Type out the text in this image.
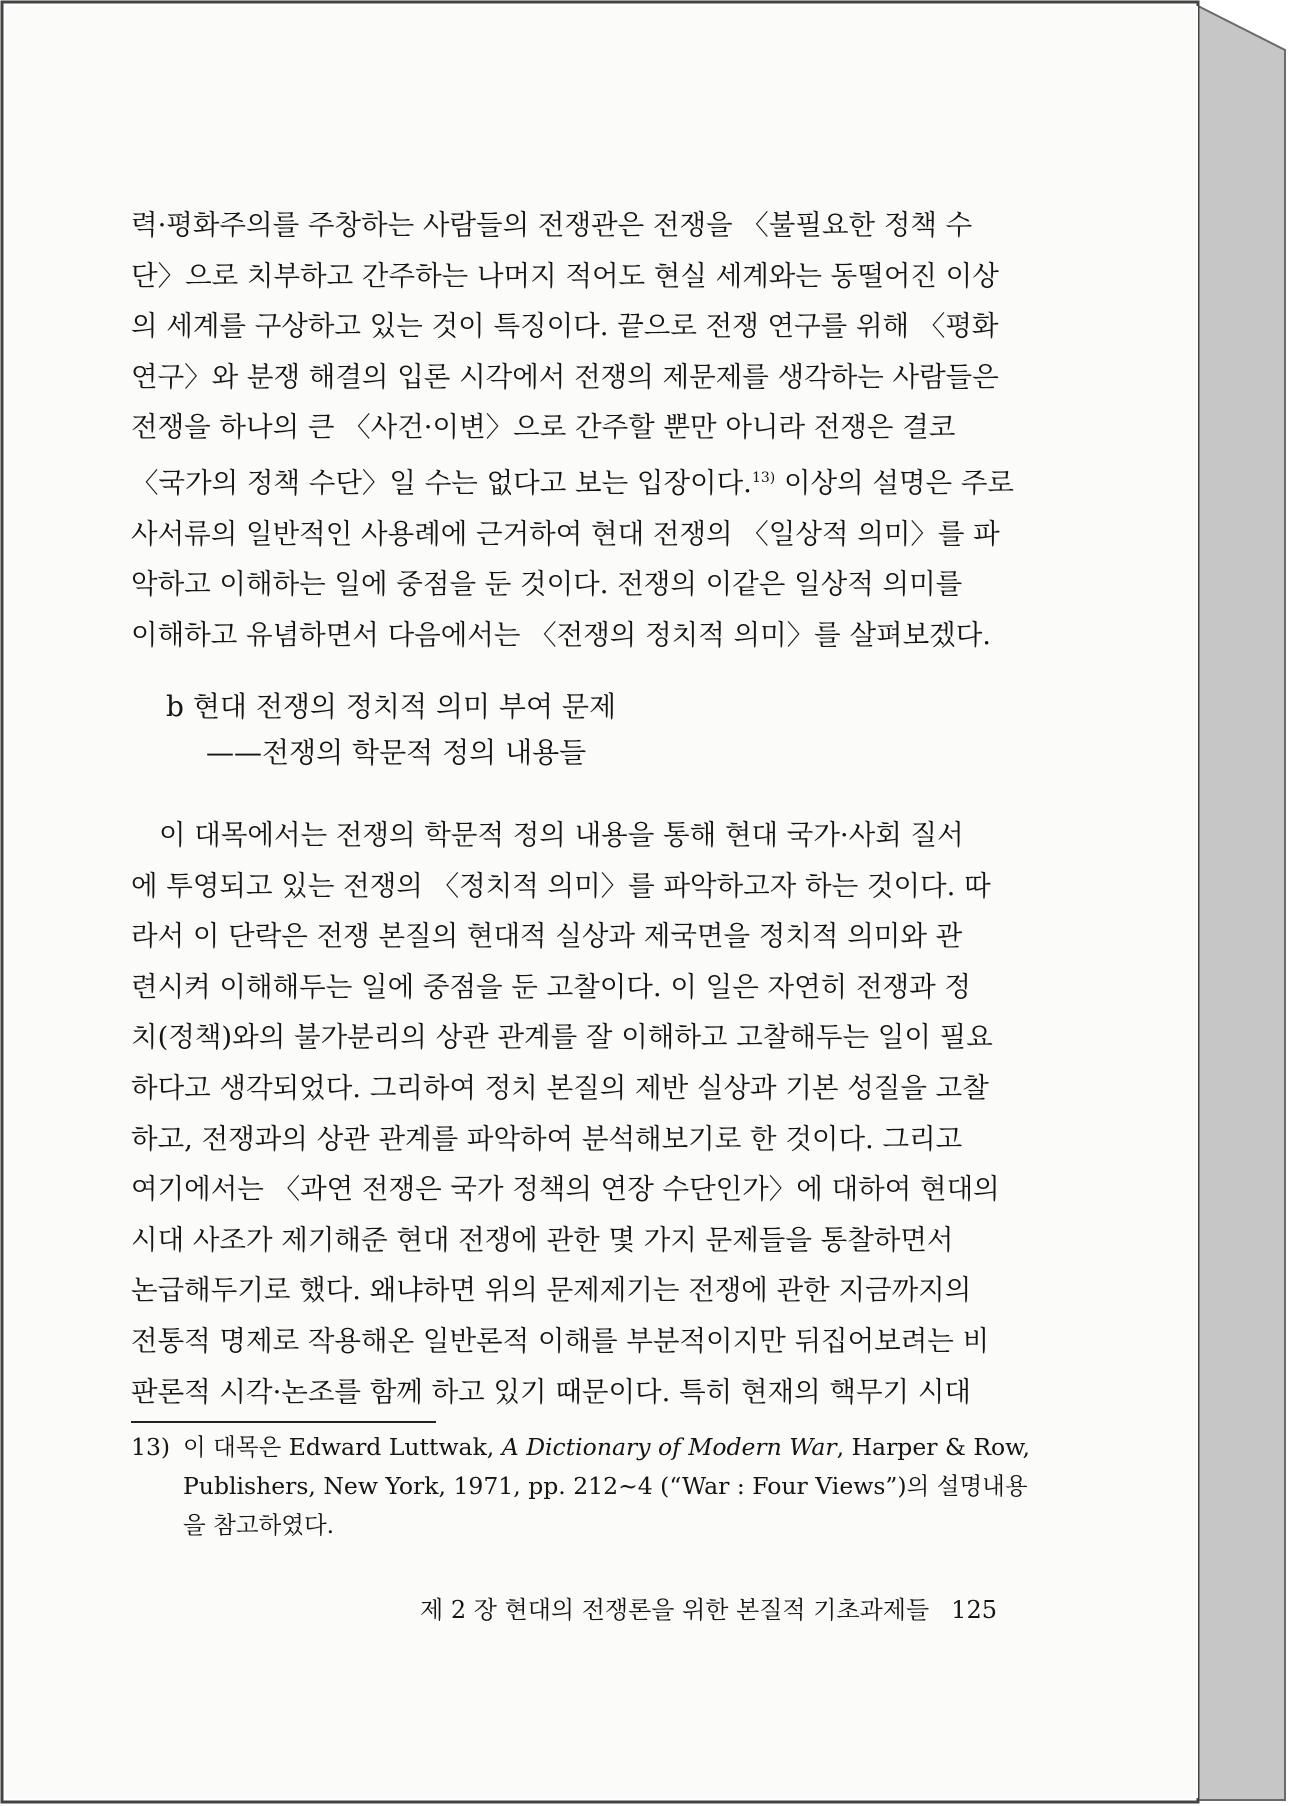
력·평화주의를 주창하는 사람들의 전쟁관은 전쟁을 〈불필요한 정책 수

단〉으로 치부하고 간주하는 나머지 적어도 현실 세계와는 동떨어진 이상

의 세계를 구상하고 있는 것이 특징이다. 끝으로 전쟁 연구를 위해 〈평화

연구〉와 분쟁 해결의 입론 시각에서 전쟁의 제문제를 생각하는 사람들은

전쟁을 하나의 큰 〈사건·이변〉으로 간주할 뿐만 아니라 전쟁은 결코

〈국가의 정책 수단〉일 수는 없다고 보는 입장이다.$^{13)}$ 이상의 설명은 주로

사서류의 일반적인 사용례에 근거하여 현대 전쟁의 〈일상적 의미〉를 파

악하고 이해하는 일에 중점을 둔 것이다. 전쟁의 이같은 일상적 의미를

이해하고 유념하면서 다음에서는 〈전쟁의 정치적 의미〉를 살펴보겠다.

b 현대 전쟁의 정치적 의미 부여 문제
——전쟁의 학문적 정의 내용들

이 대목에서는 전쟁의 학문적 정의 내용을 통해 현대 국가·사회 질서

에 투영되고 있는 전쟁의 〈정치적 의미〉를 파악하고자 하는 것이다. 따

라서 이 단락은 전쟁 본질의 현대적 실상과 제국면을 정치적 의미와 관

련시켜 이해해두는 일에 중점을 둔 고찰이다. 이 일은 자연히 전쟁과 정

치(정책)와의 불가분리의 상관 관계를 잘 이해하고 고찰해두는 일이 필요

하다고 생각되었다. 그리하여 정치 본질의 제반 실상과 기본 성질을 고찰

하고, 전쟁과의 상관 관계를 파악하여 분석해보기로 한 것이다. 그리고

여기에서는 〈과연 전쟁은 국가 정책의 연장 수단인가〉에 대하여 현대의

시대 사조가 제기해준 현대 전쟁에 관한 몇 가지 문제들을 통찰하면서

논급해두기로 했다. 왜냐하면 위의 문제제기는 전쟁에 관한 지금까지의

전통적 명제로 작용해온 일반론적 이해를 부분적이지만 뒤집어보려는 비

판론적 시각·논조를 함께 하고 있기 때문이다. 특히 현재의 핵무기 시대

13) 이 대목은 Edward Luttwak, A Dictionary of Modern War, Harper & Row, Publishers, New York, 1971, pp. 212~4 (“War : Four Views”)의 설명내용을 참고하였다.
제 2 장 현대의 전쟁론을 위한 본질적 기초과제들 125
